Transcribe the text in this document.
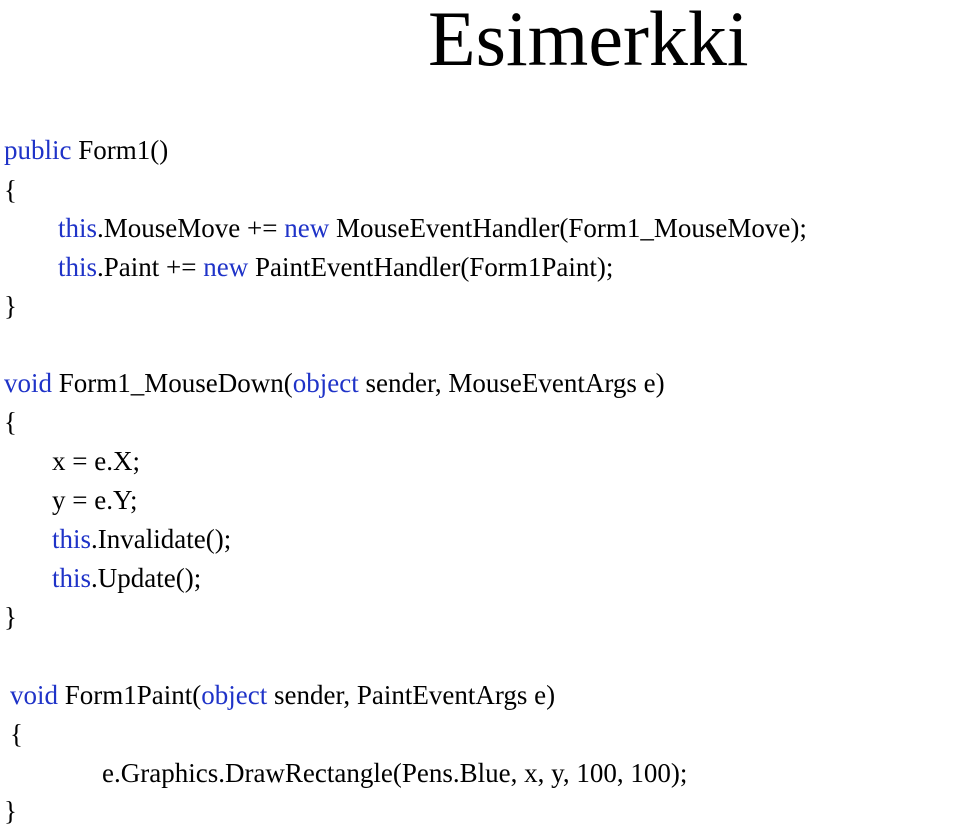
Esimerkki
public Form1()
{
this.MouseMove += new MouseEventHandler(Form1_MouseMove);
this.Paint += new PaintEventHandler(Form1Paint);
}
void Form1_MouseDown(object sender, MouseEventArgs e)
{
x = e.X;
y = e.Y;
this.Invalidate();
this.Update();
}
void Form1Paint(object sender, PaintEventArgs e)
{
e.Graphics.DrawRectangle(Pens.Blue, x, y, 100, 100);
}
